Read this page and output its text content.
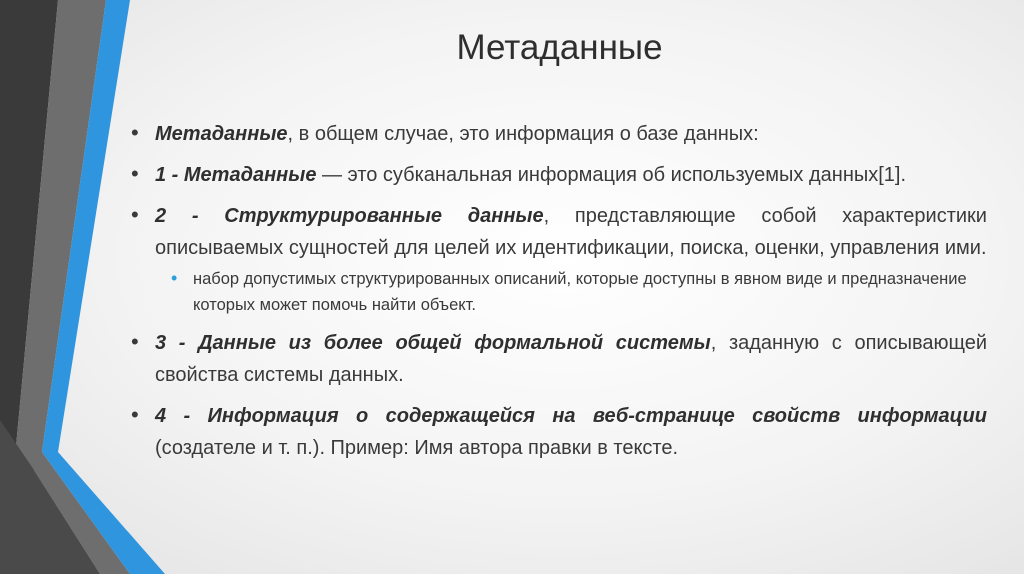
Метаданные
• Метаданные, в общем случае, это информация о базе данных:
• 1 - Метаданные — это субканальная информация об используемых данных[1].
• 2 - Структурированные данные, представляющие собой характеристики описываемых сущностей для целей их идентификации, поиска, оценки, управления ими.
• набор допустимых структурированных описаний, которые доступны в явном виде и предназначение которых может помочь найти объект.
• 3 - Данные из более общей формальной системы, заданную с описывающей свойства системы данных.
• 4 - Информация о содержащейся на веб-странице свойств информации (создателе и т. п.). Пример: Имя автора правки в тексте.
